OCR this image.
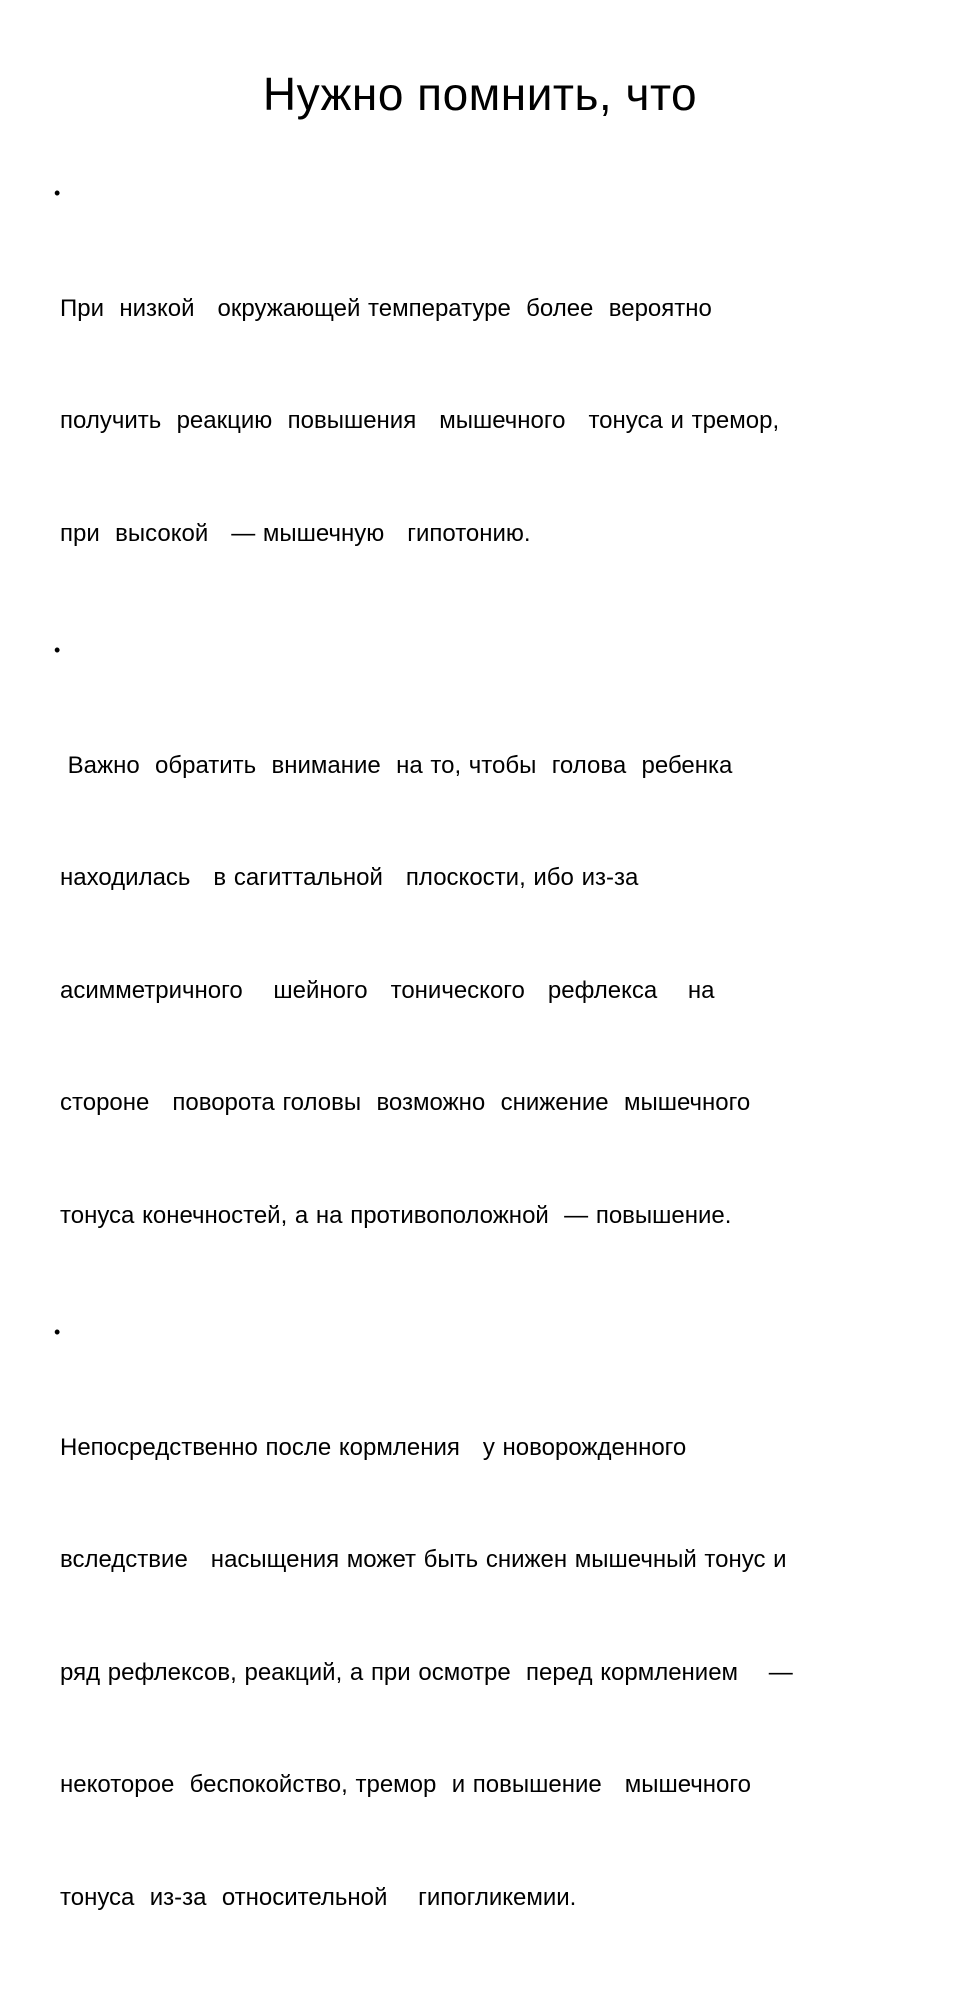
Нужно помнить, что

•

При  низкой   окружающей температуре  более  вероятно

получить  реакцию  повышения   мышечного   тонуса и тремор,

при  высокой   — мышечную   гипотонию.

•

Важно  обратить  внимание  на то, чтобы  голова  ребенка

находилась   в сагиттальной   плоскости, ибо из-за

асимметричного    шейного   тонического   рефлекса    на

стороне   поворота головы  возможно  снижение  мышечного

тонуса конечностей, а на противоположной  — повышение.

•

Непосредственно после кормления   у новорожденного

вследствие   насыщения может быть снижен мышечный тонус и

ряд рефлексов, реакций, а при осмотре  перед кормлением    —

некоторое  беспокойство, тремор  и повышение   мышечного

тонуса  из-за  относительной    гипогликемии.
